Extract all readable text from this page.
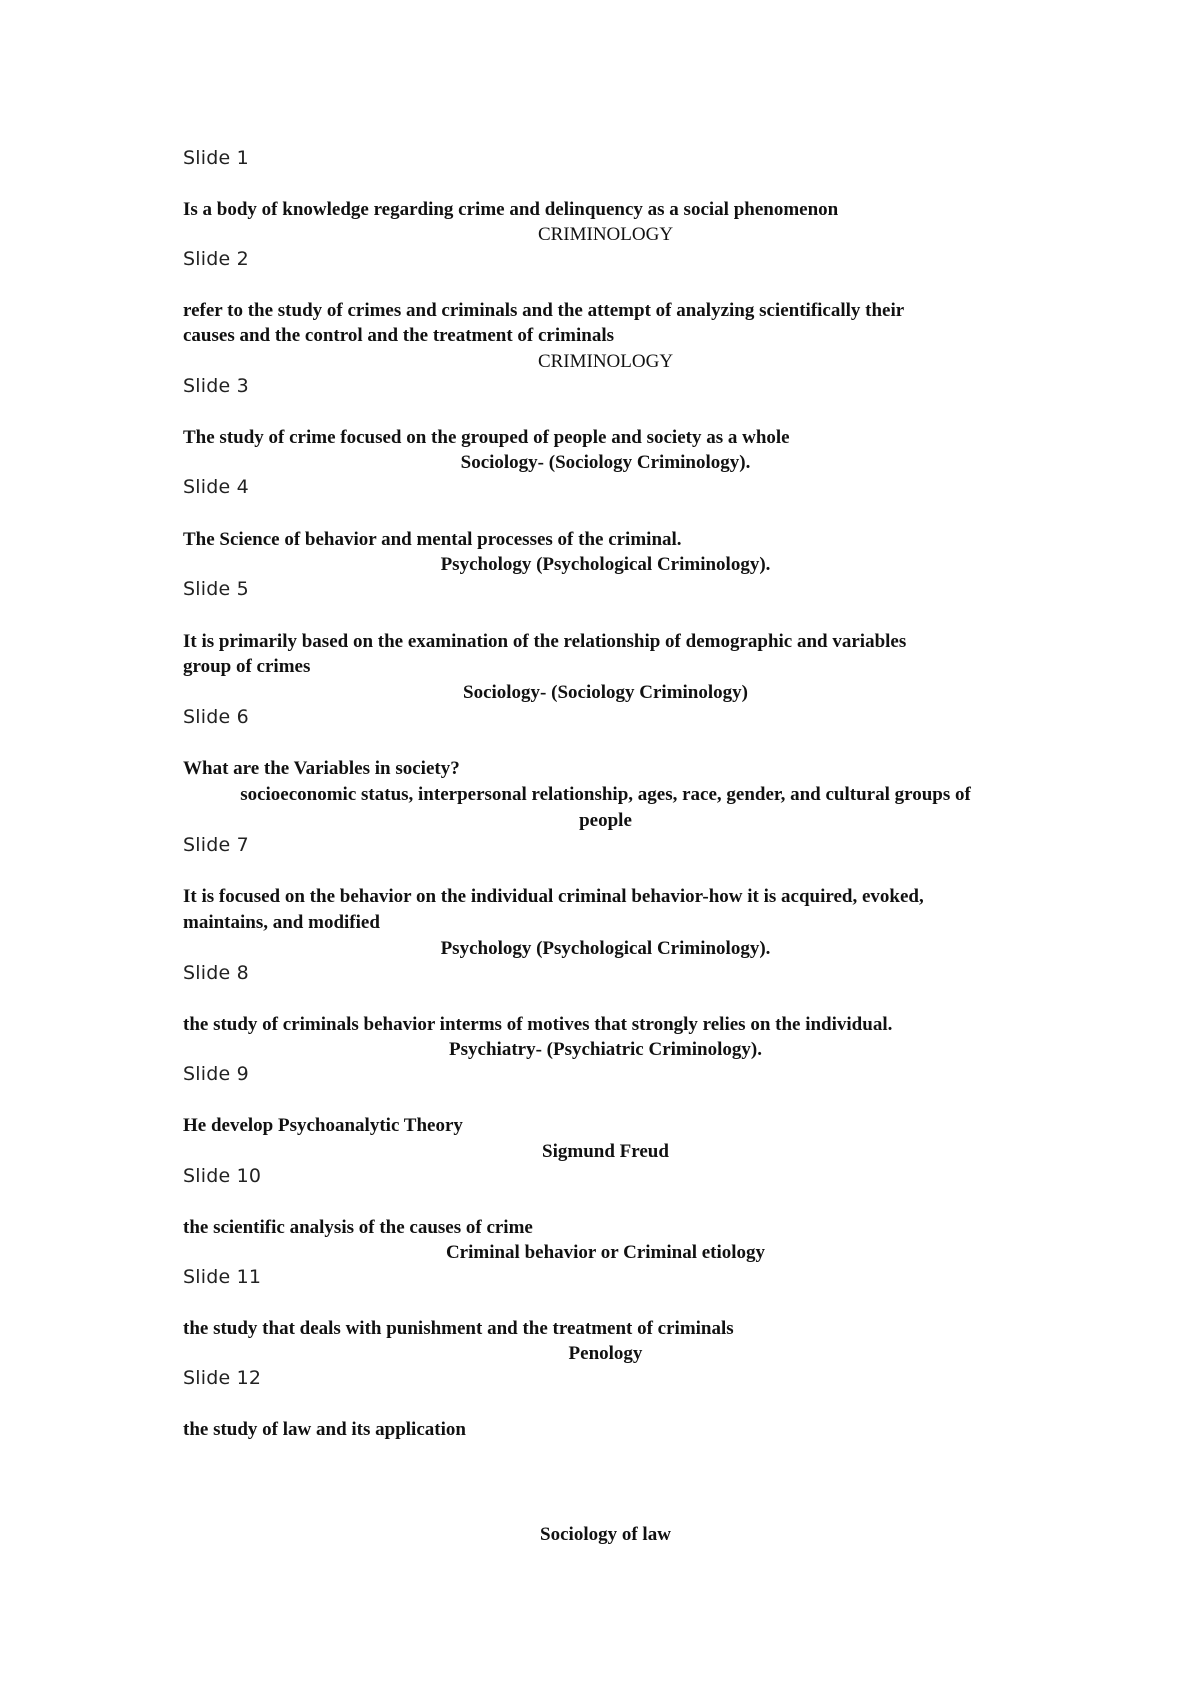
Slide 1
Is a body of knowledge regarding crime and delinquency as a social phenomenon
CRIMINOLOGY
Slide 2
refer to the study of crimes and criminals and the attempt of analyzing scientifically their
causes and the control and the treatment of criminals
CRIMINOLOGY
Slide 3
The study of crime focused on the grouped of people and society as a whole
Sociology- (Sociology Criminology).
Slide 4
The Science of behavior and mental processes of the criminal.
Psychology (Psychological Criminology).
Slide 5
It is primarily based on the examination of the relationship of demographic and variables
group of crimes
Sociology- (Sociology Criminology)
Slide 6
What are the Variables in society?
socioeconomic status, interpersonal relationship, ages, race, gender, and cultural groups of
people
Slide 7
It is focused on the behavior on the individual criminal behavior-how it is acquired, evoked,
maintains, and modified
Psychology (Psychological Criminology).
Slide 8
the study of criminals behavior interms of motives that strongly relies on the individual.
Psychiatry- (Psychiatric Criminology).
Slide 9
He develop Psychoanalytic Theory
Sigmund Freud
Slide 10
the scientific analysis of the causes of crime
Criminal behavior or Criminal etiology
Slide 11
the study that deals with punishment and the treatment of criminals
Penology
Slide 12
the study of law and its application
Sociology of law
